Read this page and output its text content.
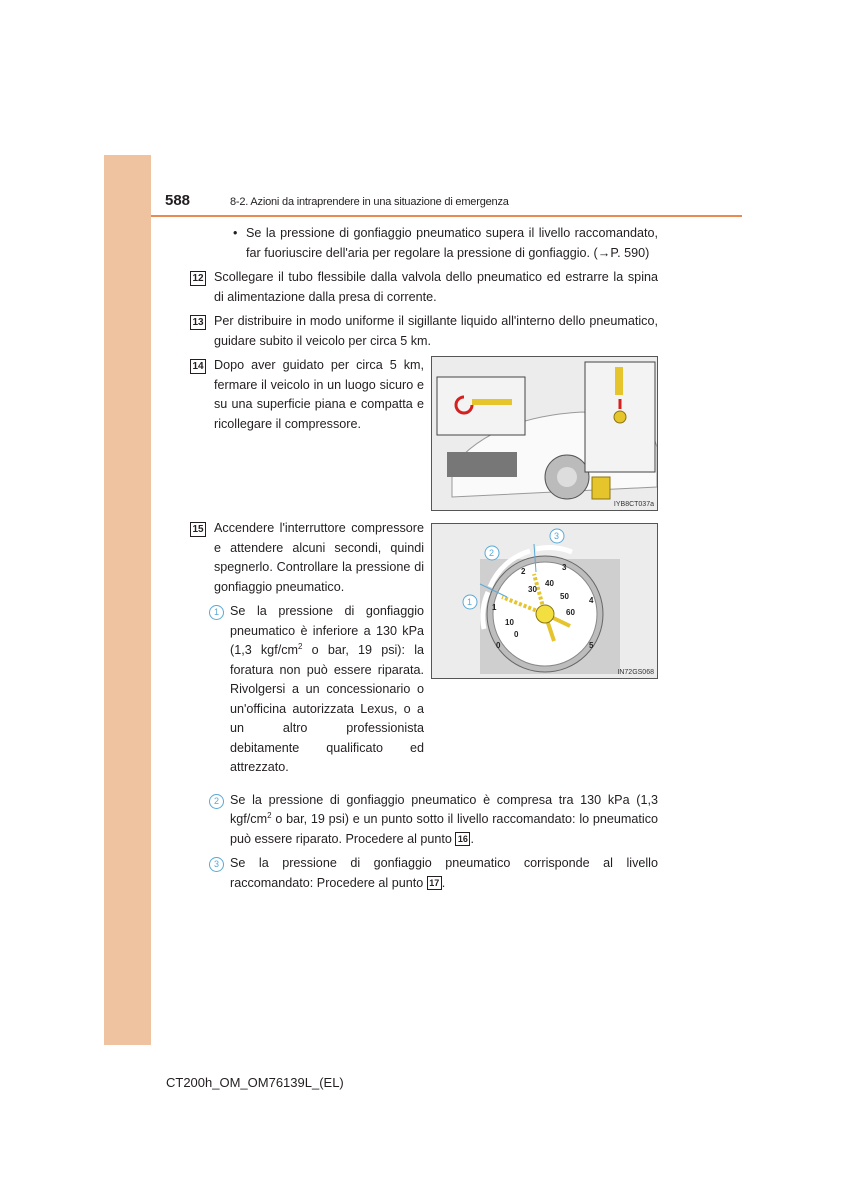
588	8-2. Azioni da intraprendere in una situazione di emergenza
• Se la pressione di gonfiaggio pneumatico supera il livello raccomandato, far fuoriuscire dell'aria per regolare la pressione di gonfiaggio. (→P. 590)
12 Scollegare il tubo flessibile dalla valvola dello pneumatico ed estrarre la spina di alimentazione dalla presa di corrente.
13 Per distribuire in modo uniforme il sigillante liquido all'interno dello pneumatico, guidare subito il veicolo per circa 5 km.
14 Dopo aver guidato per circa 5 km, fermare il veicolo in un luogo sicuro e su una superficie piana e compatta e ricollegare il compressore.
IYB8CT037a
15 Accendere l'interruttore compressore e attendere alcuni secondi, quindi spegnerlo. Controllare la pressione di gonfiaggio pneumatico.
1 Se la pressione di gonfiaggio pneumatico è inferiore a 130 kPa (1,3 kgf/$cm^2$ o bar, 19 psi): la foratura non può essere riparata. Rivolgersi a un concessionario o un'officina autorizzata Lexus, o a un altro professionista debitamente qualificato ed attrezzato.
0
1
2	3
4
5
0
10
30
40
50
60
1
2
3
IN72GS068
2 Se la pressione di gonfiaggio pneumatico è compresa tra 130 kPa (1,3 kgf/$cm^2$ o bar, 19 psi) e un punto sotto il livello raccomandato: lo pneumatico può essere riparato. Procedere al punto 16 .
3 Se la pressione di gonfiaggio pneumatico corrisponde al livello raccomandato: Procedere al punto 17 .
CT200h_OM_OM76139L_(EL)
